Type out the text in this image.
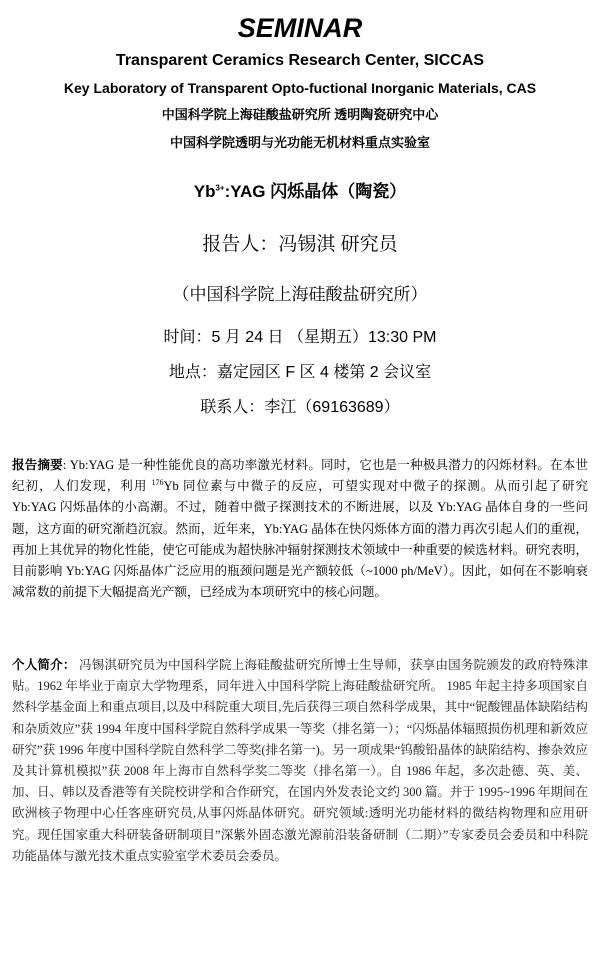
SEMINAR
Transparent Ceramics Research Center, SICCAS
Key Laboratory of Transparent Opto-fuctional Inorganic Materials, CAS
中国科学院上海硅酸盐研究所 透明陶瓷研究中心
中国科学院透明与光功能无机材料重点实验室
$Yb^{3+}:YAG$ 闪烁晶体（陶瓷）
报告人：冯锡淇 研究员
（中国科学院上海硅酸盐研究所）
时间：5 月 24 日 （星期五）13:30 PM
地点：嘉定园区 F 区 4 楼第 2 会议室
联系人：李江（69163689）
报告摘要: Yb:YAG 是一种性能优良的高功率激光材料。同时，它也是一种极具潜力的闪烁材料。在本世纪初，人们发现，利用 $^{176}$Yb 同位素与中微子的反应，可望实现对中微子的探测。从而引起了研究 Yb:YAG 闪烁晶体的小高潮。不过，随着中微子探测技术的不断进展，以及 Yb:YAG 晶体自身的一些问题，这方面的研究渐趋沉寂。然而，近年来，Yb:YAG 晶体在快闪烁体方面的潜力再次引起人们的重视，再加上其优异的物化性能，使它可能成为超快脉冲辐射探测技术领域中一种重要的候选材料。研究表明，目前影响 Yb:YAG 闪烁晶体广泛应用的瓶颈问题是光产额较低（~1000 ph/MeV）。因此，如何在不影响衰减常数的前提下大幅提高光产额，已经成为本项研究中的核心问题。
个人简介： 冯锡淇研究员为中国科学院上海硅酸盐研究所博士生导师，获享由国务院颁发的政府特殊津贴。1962 年毕业于南京大学物理系，同年进入中国科学院上海硅酸盐研究所。 1985 年起主持多项国家自然科学基金面上和重点项目,以及中科院重大项目,先后获得三项自然科学成果，其中“铌酸锂晶体缺陷结构和杂质效应”获 1994 年度中国科学院自然科学成果一等奖（排名第一）；“闪烁晶体辐照损伤机理和新效应研究”获 1996 年度中国科学院自然科学二等奖(排名第一)。另一项成果“钨酸铅晶体的缺陷结构、掺杂效应及其计算机模拟”获 2008 年上海市自然科学奖二等奖（排名第一）。自 1986 年起，多次赴德、英、美、加、日、韩以及香港等有关院校讲学和合作研究，在国内外发表论文约 300 篇。并于 1995~1996 年期间在欧洲核子物理中心任客座研究员,从事闪烁晶体研究。研究领域:透明光功能材料的微结构物理和应用研究。现任国家重大科研装备研制项目”深紫外固态激光源前沿装备研制（二期）”专家委员会委员和中科院功能晶体与激光技术重点实验室学术委员会委员。
